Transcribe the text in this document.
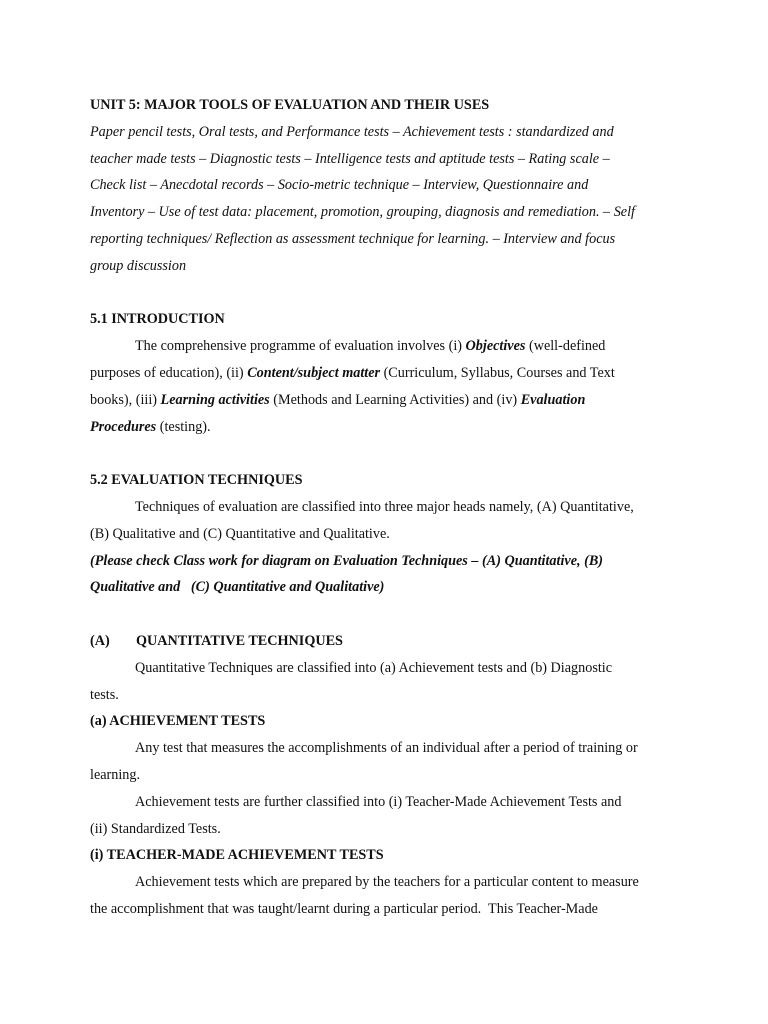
UNIT 5: MAJOR TOOLS OF EVALUATION AND THEIR USES
Paper pencil tests, Oral tests, and Performance tests – Achievement tests : standardized and
teacher made tests – Diagnostic tests – Intelligence tests and aptitude tests – Rating scale –
Check list – Anecdotal records – Socio-metric technique – Interview, Questionnaire and
Inventory – Use of test data: placement, promotion, grouping, diagnosis and remediation. – Self
reporting techniques/ Reflection as assessment technique for learning. – Interview and focus
group discussion
5.1 INTRODUCTION
The comprehensive programme of evaluation involves (i) Objectives (well-defined
purposes of education), (ii) Content/subject matter (Curriculum, Syllabus, Courses and Text
books), (iii) Learning activities (Methods and Learning Activities) and (iv) Evaluation
Procedures (testing).
5.2 EVALUATION TECHNIQUES
Techniques of evaluation are classified into three major heads namely, (A) Quantitative,
(B) Qualitative and (C) Quantitative and Qualitative.
(Please check Class work for diagram on Evaluation Techniques – (A) Quantitative, (B)
Qualitative and   (C) Quantitative and Qualitative)
(A) QUANTITATIVE TECHNIQUES
Quantitative Techniques are classified into (a) Achievement tests and (b) Diagnostic
tests.
(a) ACHIEVEMENT TESTS
Any test that measures the accomplishments of an individual after a period of training or
learning.
Achievement tests are further classified into (i) Teacher-Made Achievement Tests and
(ii) Standardized Tests.
(i) TEACHER-MADE ACHIEVEMENT TESTS
Achievement tests which are prepared by the teachers for a particular content to measure
the accomplishment that was taught/learnt during a particular period.  This Teacher-Made
